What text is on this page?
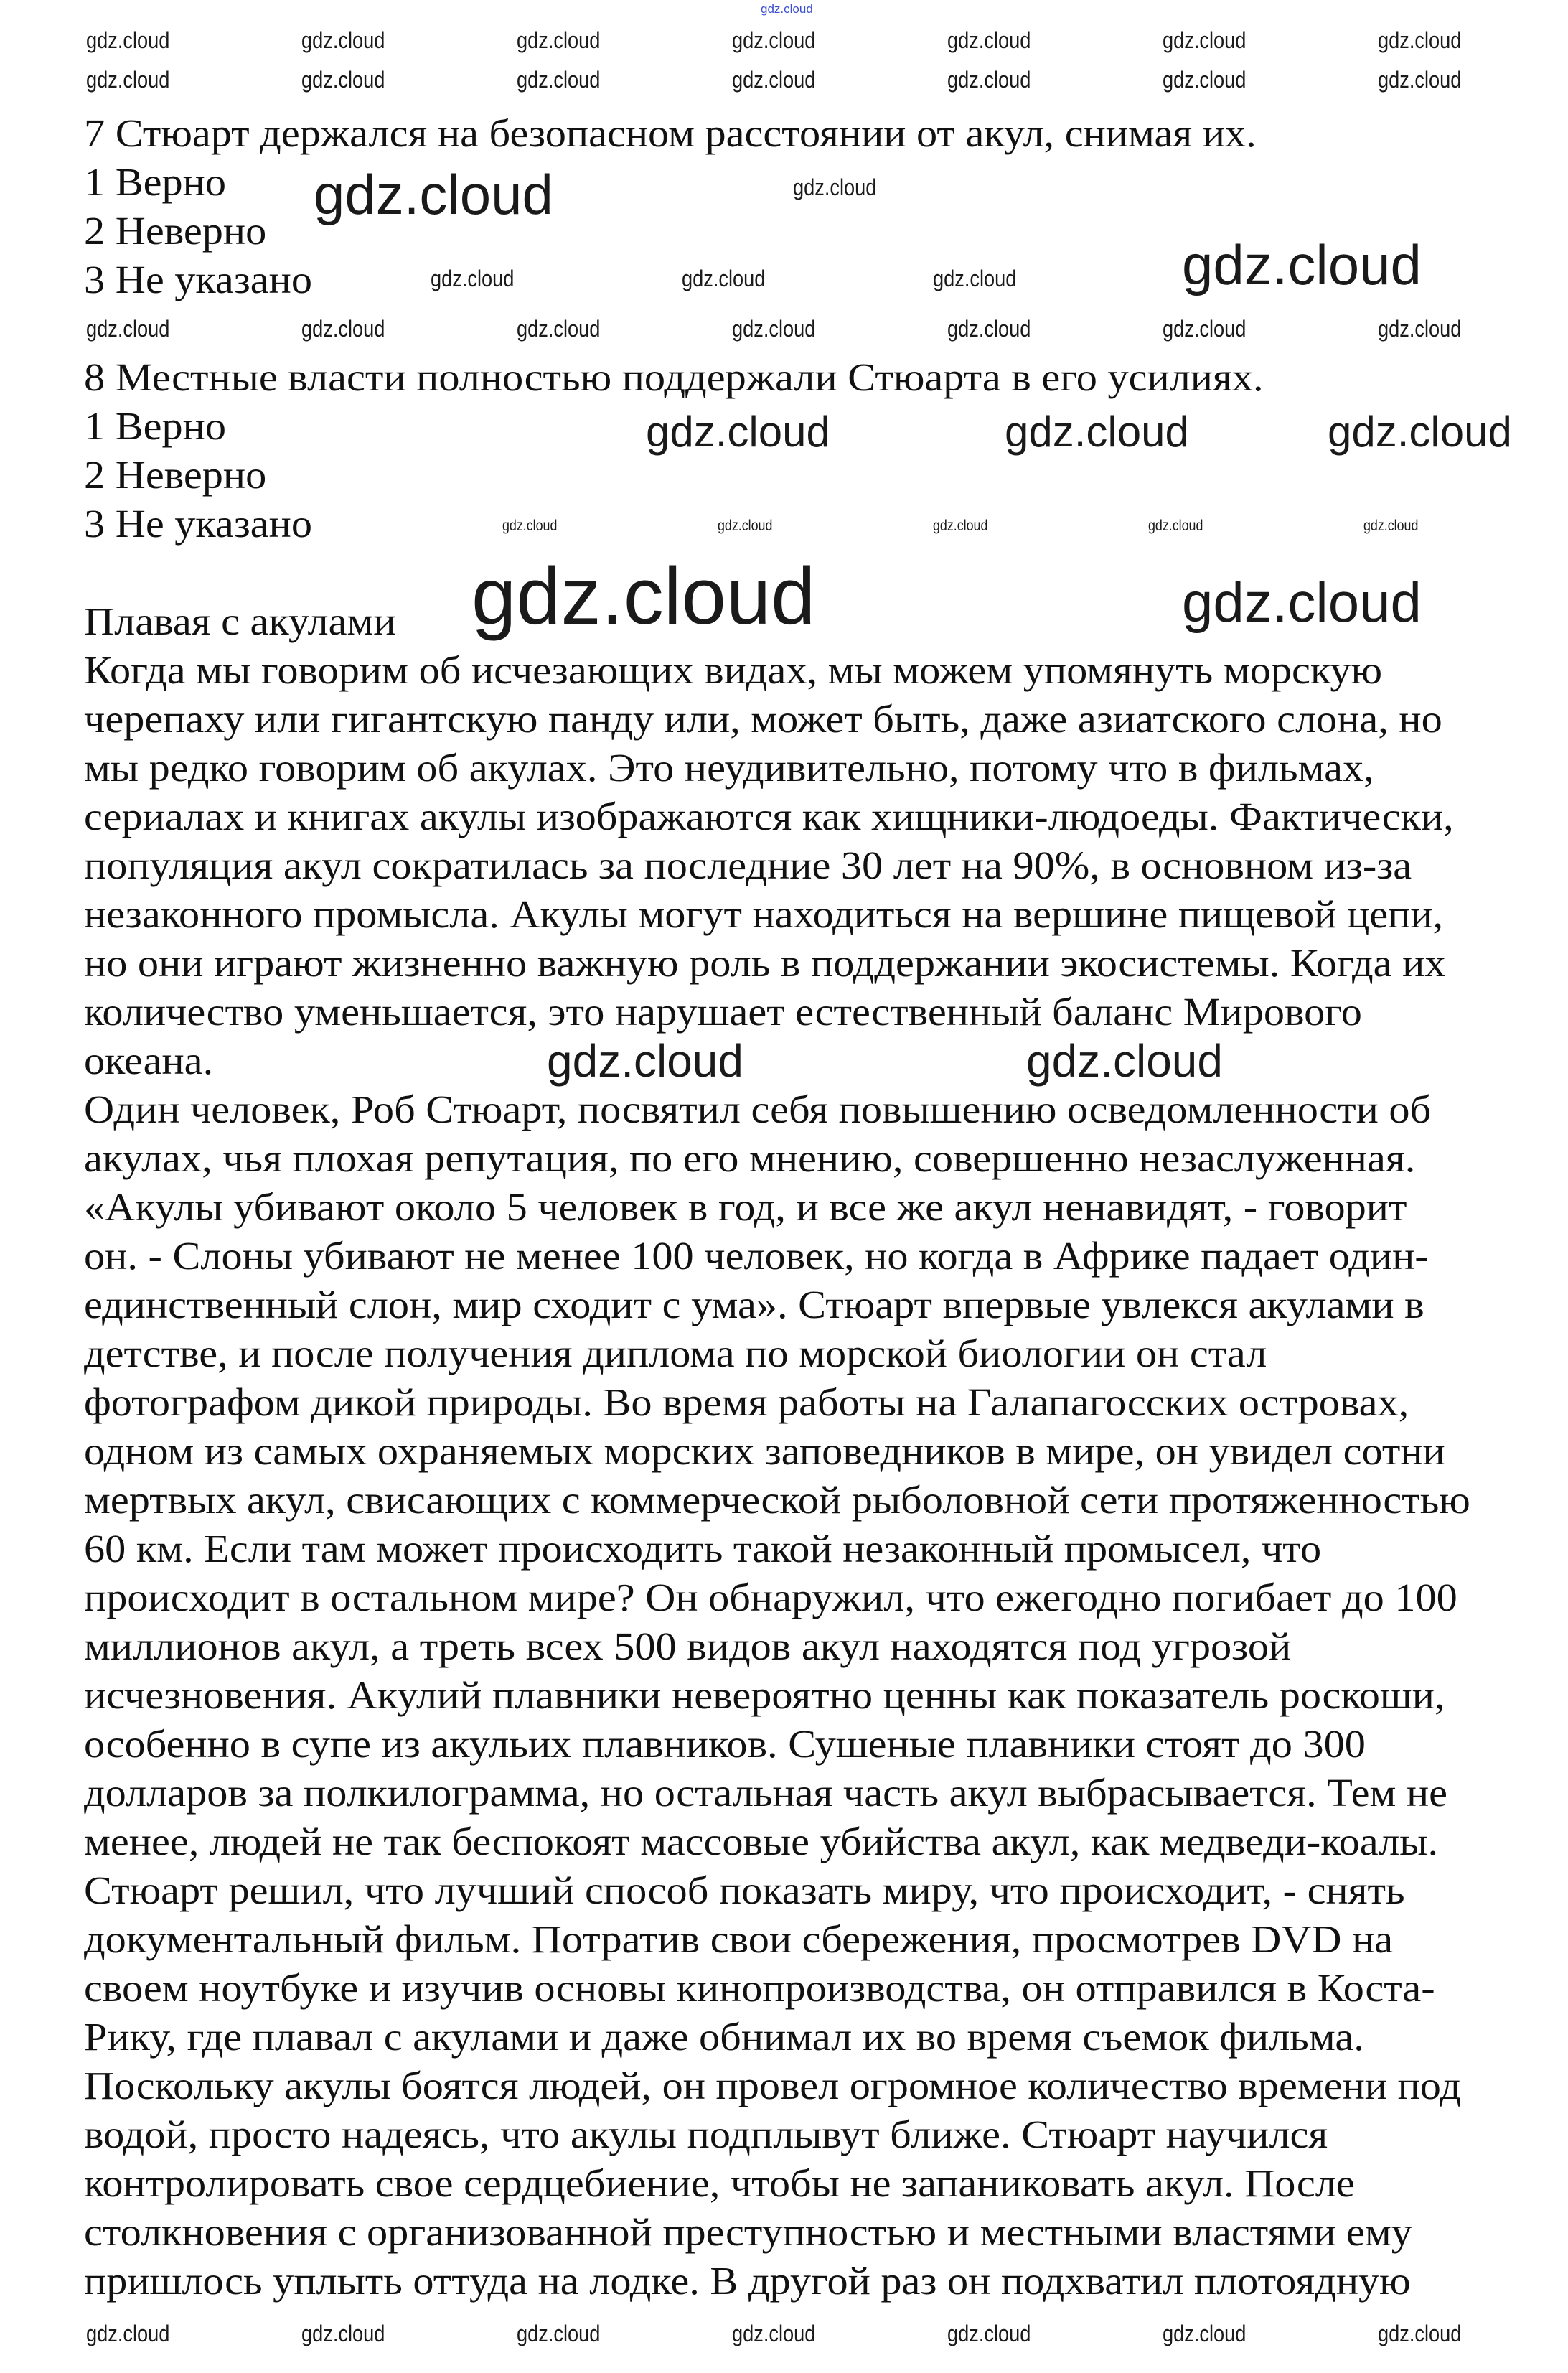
7 Стюарт держался на безопасном расстоянии от акул, снимая их.
1 Верно
2 Неверно
3 Не указано
8 Местные власти полностью поддержали Стюарта в его усилиях.
1 Верно
2 Неверно
3 Не указано
Плавая с акулами
Когда мы говорим об исчезающих видах, мы можем упомянуть морскую
черепаху или гигантскую панду или, может быть, даже азиатского слона, но
мы редко говорим об акулах. Это неудивительно, потому что в фильмах,
сериалах и книгах акулы изображаются как хищники-людоеды. Фактически,
популяция акул сократилась за последние 30 лет на 90%, в основном из-за
незаконного промысла. Акулы могут находиться на вершине пищевой цепи,
но они играют жизненно важную роль в поддержании экосистемы. Когда их
количество уменьшается, это нарушает естественный баланс Мирового
океана.
Один человек, Роб Стюарт, посвятил себя повышению осведомленности об
акулах, чья плохая репутация, по его мнению, совершенно незаслуженная.
«Акулы убивают около 5 человек в год, и все же акул ненавидят, - говорит
он. - Слоны убивают не менее 100 человек, но когда в Африке падает один-
единственный слон, мир сходит с ума». Стюарт впервые увлекся акулами в
детстве, и после получения диплома по морской биологии он стал
фотографом дикой природы. Во время работы на Галапагосских островах,
одном из самых охраняемых морских заповедников в мире, он увидел сотни
мертвых акул, свисающих с коммерческой рыболовной сети протяженностью
60 км. Если там может происходить такой незаконный промысел, что
происходит в остальном мире? Он обнаружил, что ежегодно погибает до 100
миллионов акул, а треть всех 500 видов акул находятся под угрозой
исчезновения. Акулий плавники невероятно ценны как показатель роскоши,
особенно в супе из акульих плавников. Сушеные плавники стоят до 300
долларов за полкилограмма, но остальная часть акул выбрасывается. Тем не
менее, людей не так беспокоят массовые убийства акул, как медведи-коалы.
Стюарт решил, что лучший способ показать миру, что происходит, - снять
документальный фильм. Потратив свои сбережения, просмотрев DVD на
своем ноутбуке и изучив основы кинопроизводства, он отправился в Коста-
Рику, где плавал с акулами и даже обнимал их во время съемок фильма.
Поскольку акулы боятся людей, он провел огромное количество времени под
водой, просто надеясь, что акулы подплывут ближе. Стюарт научился
контролировать свое сердцебиение, чтобы не запаниковать акул. После
столкновения с организованной преступностью и местными властями ему
пришлось уплыть оттуда на лодке. В другой раз он подхватил плотоядную
gdz.cloud
gdz.cloud	gdz.cloud	gdz.cloud	gdz.cloud	gdz.cloud	gdz.cloud	gdz.cloud
gdz.cloud	gdz.cloud	gdz.cloud	gdz.cloud	gdz.cloud	gdz.cloud	gdz.cloud
gdz.cloud	gdz.cloud
gdz.cloud
gdz.cloud	gdz.cloud	gdz.cloud
gdz.cloud	gdz.cloud	gdz.cloud	gdz.cloud	gdz.cloud	gdz.cloud	gdz.cloud
gdz.cloud	gdz.cloud	gdz.cloud
gdz.cloud	gdz.cloud	gdz.cloud	gdz.cloud	gdz.cloud
gdz.cloud	gdz.cloud
gdz.cloud	gdz.cloud
gdz.cloud	gdz.cloud	gdz.cloud	gdz.cloud	gdz.cloud	gdz.cloud	gdz.cloud
